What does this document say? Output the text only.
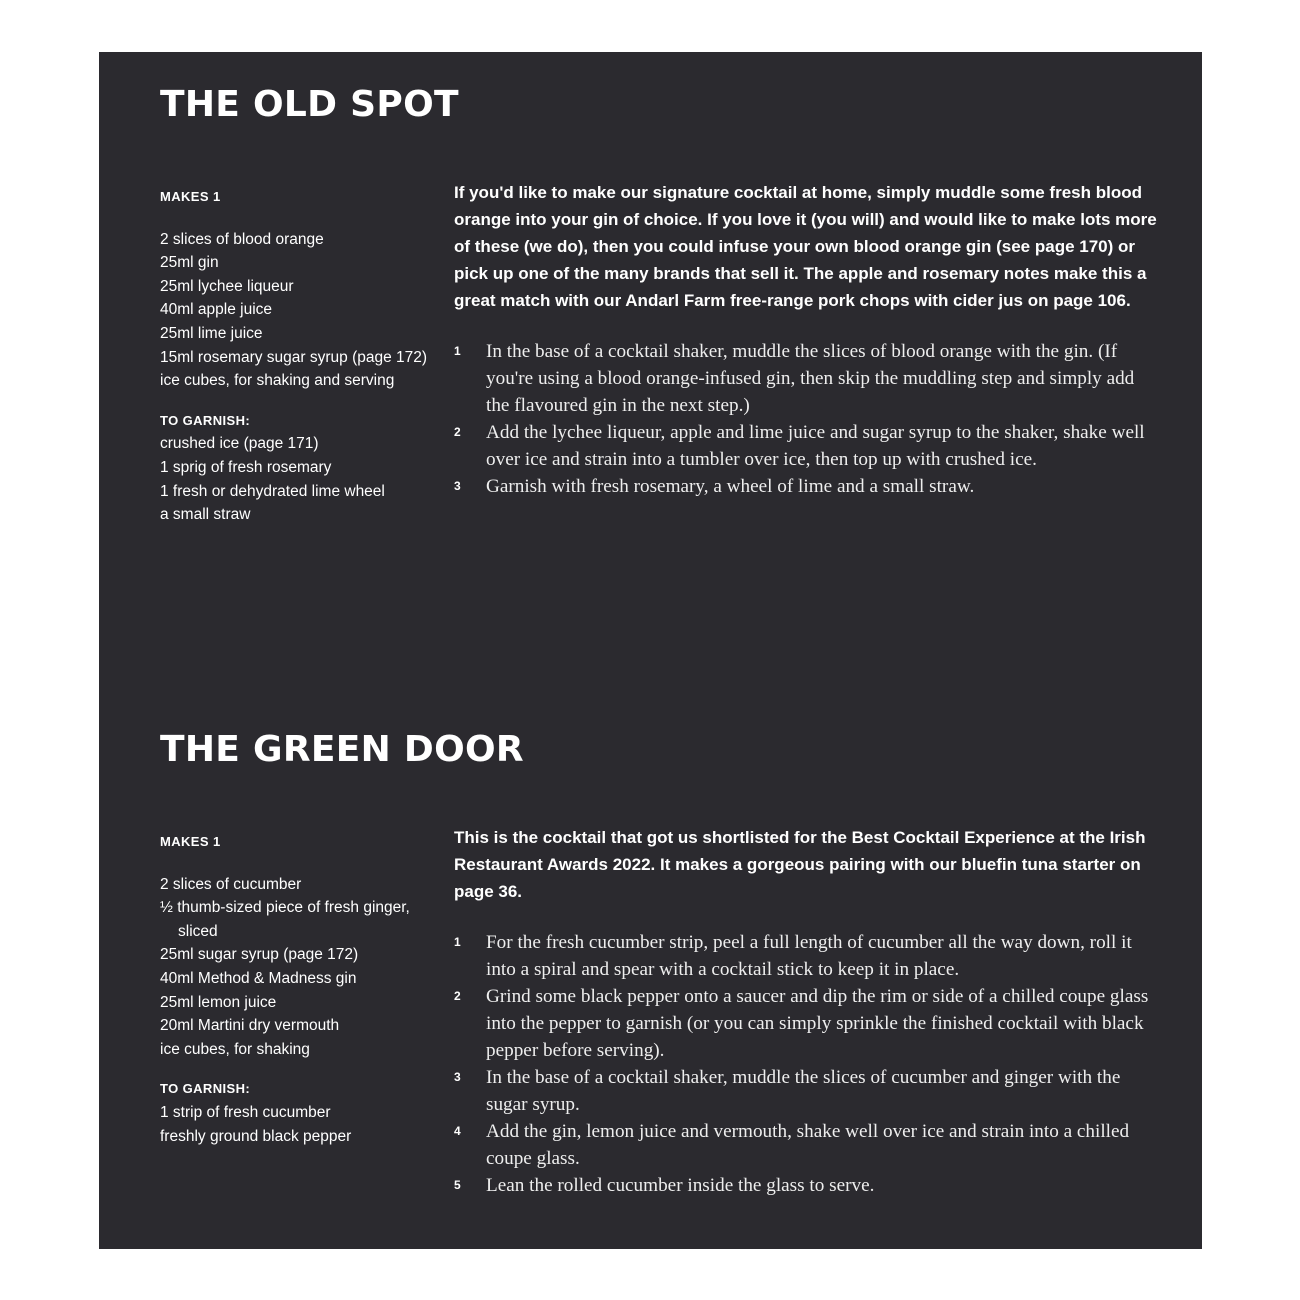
THE OLD SPOT
MAKES 1
2 slices of blood orange
25ml gin
25ml lychee liqueur
40ml apple juice
25ml lime juice
15ml rosemary sugar syrup (page 172)
ice cubes, for shaking and serving
TO GARNISH:
crushed ice (page 171)
1 sprig of fresh rosemary
1 fresh or dehydrated lime wheel
a small straw

If you'd like to make our signature cocktail at home, simply muddle some fresh blood orange into your gin of choice. If you love it (you will) and would like to make lots more of these (we do), then you could infuse your own blood orange gin (see page 170) or pick up one of the many brands that sell it. The apple and rosemary notes make this a great match with our Andarl Farm free-range pork chops with cider jus on page 106.

1 In the base of a cocktail shaker, muddle the slices of blood orange with the gin. (If you're using a blood orange-infused gin, then skip the muddling step and simply add the flavoured gin in the next step.)
2 Add the lychee liqueur, apple and lime juice and sugar syrup to the shaker, shake well over ice and strain into a tumbler over ice, then top up with crushed ice.
3 Garnish with fresh rosemary, a wheel of lime and a small straw.
THE GREEN DOOR
MAKES 1
2 slices of cucumber
½ thumb-sized piece of fresh ginger, sliced
25ml sugar syrup (page 172)
40ml Method & Madness gin
25ml lemon juice
20ml Martini dry vermouth
ice cubes, for shaking
TO GARNISH:
1 strip of fresh cucumber
freshly ground black pepper

This is the cocktail that got us shortlisted for the Best Cocktail Experience at the Irish Restaurant Awards 2022. It makes a gorgeous pairing with our bluefin tuna starter on page 36.

1 For the fresh cucumber strip, peel a full length of cucumber all the way down, roll it into a spiral and spear with a cocktail stick to keep it in place.
2 Grind some black pepper onto a saucer and dip the rim or side of a chilled coupe glass into the pepper to garnish (or you can simply sprinkle the finished cocktail with black pepper before serving).
3 In the base of a cocktail shaker, muddle the slices of cucumber and ginger with the sugar syrup.
4 Add the gin, lemon juice and vermouth, shake well over ice and strain into a chilled coupe glass.
5 Lean the rolled cucumber inside the glass to serve.
